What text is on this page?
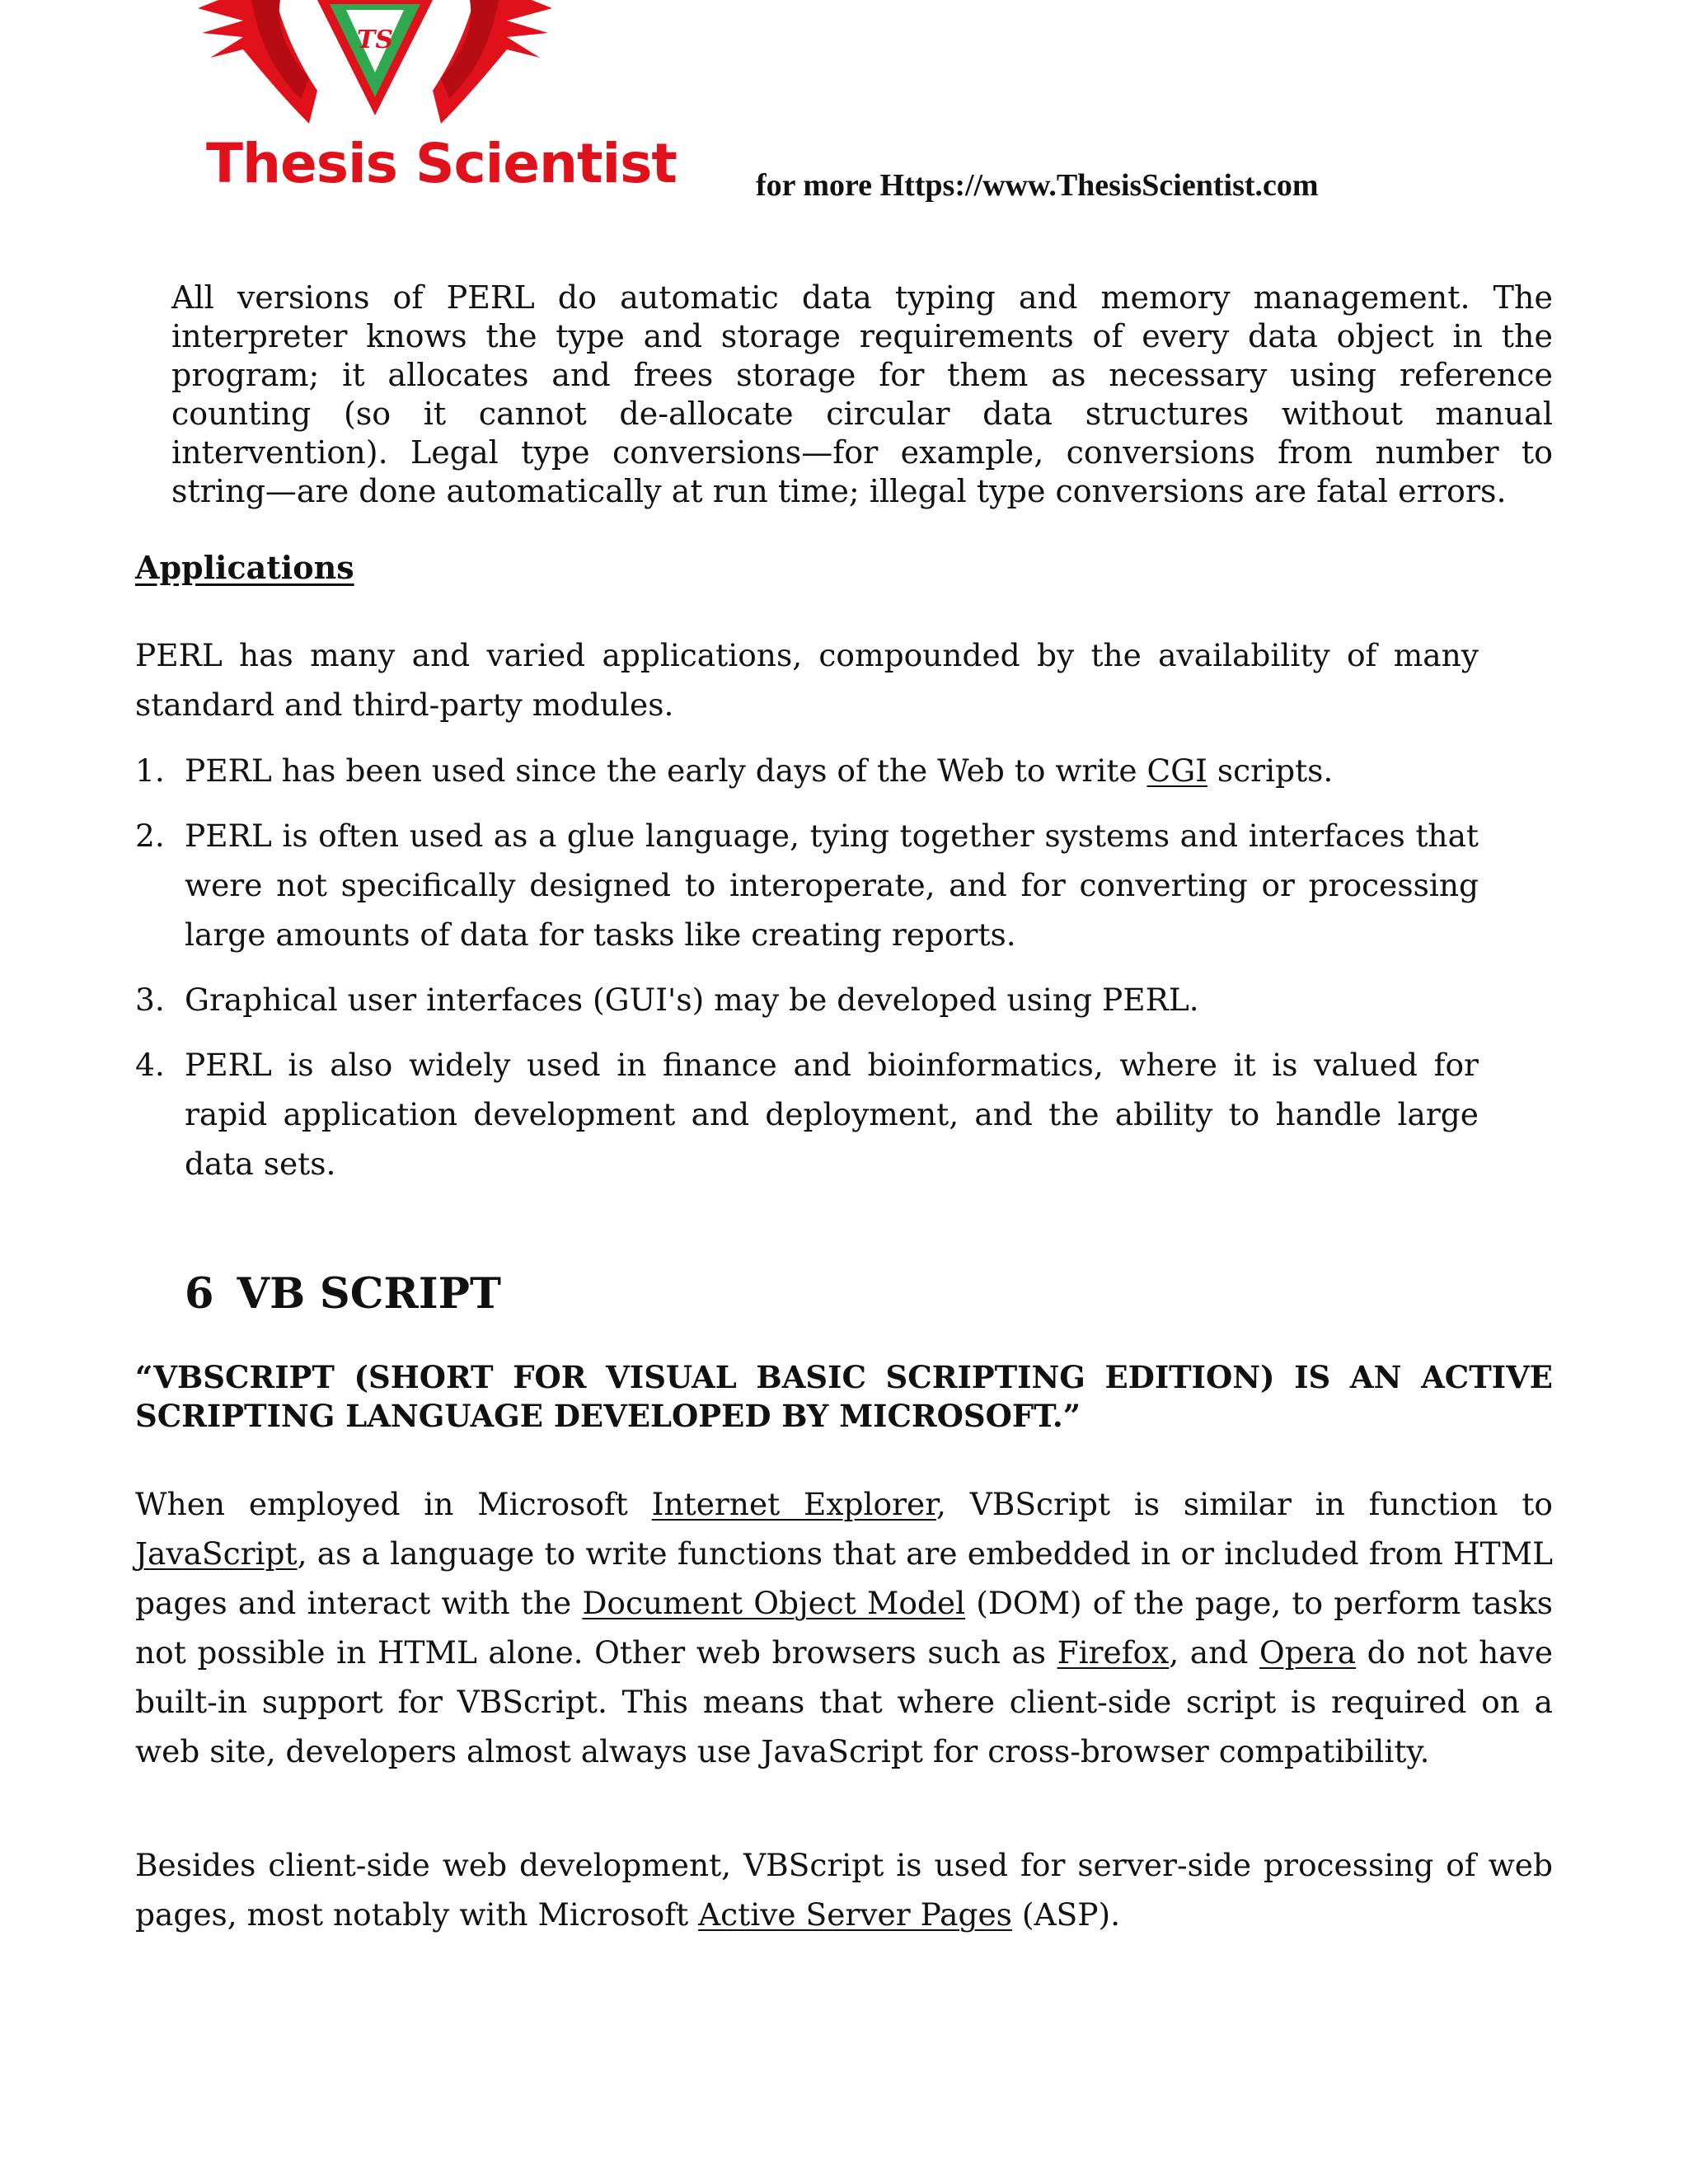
TS
Thesis Scientist	for more Https://www.ThesisScientist.com
All versions of PERL do automatic data typing and memory management. The interpreter knows the type and storage requirements of every data object in the program; it allocates and frees storage for them as necessary using reference counting (so it cannot de-allocate circular data structures without manual intervention). Legal type conversions—for example, conversions from number to string—are done automatically at run time; illegal type conversions are fatal errors.
Applications
PERL has many and varied applications, compounded by the availability of many standard and third-party modules.
1. PERL has been used since the early days of the Web to write CGI scripts.
2. PERL is often used as a glue language, tying together systems and interfaces that were not specifically designed to interoperate, and for converting or processing large amounts of data for tasks like creating reports.
3. Graphical user interfaces (GUI's) may be developed using PERL.
4. PERL is also widely used in finance and bioinformatics, where it is valued for rapid application development and deployment, and the ability to handle large data sets.
6 VB SCRIPT
“VBSCRIPT (SHORT FOR VISUAL BASIC SCRIPTING EDITION) IS AN ACTIVE SCRIPTING LANGUAGE DEVELOPED BY MICROSOFT.”
When employed in Microsoft Internet Explorer, VBScript is similar in function to JavaScript, as a language to write functions that are embedded in or included from HTML pages and interact with the Document Object Model (DOM) of the page, to perform tasks not possible in HTML alone. Other web browsers such as Firefox, and Opera do not have built-in support for VBScript. This means that where client-side script is required on a web site, developers almost always use JavaScript for cross-browser compatibility.
Besides client-side web development, VBScript is used for server-side processing of web pages, most notably with Microsoft Active Server Pages (ASP).
